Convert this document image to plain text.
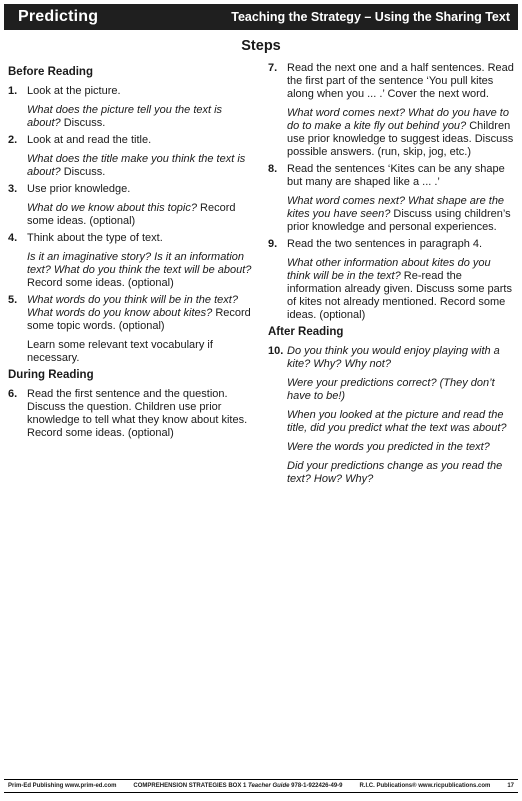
Predicting	Teaching the Strategy – Using the Sharing Text
Steps
Before Reading
1. Look at the picture.

What does the picture tell you the text is about? Discuss.

2. Look at and read the title.

What does the title make you think the text is about? Discuss.

3. Use prior knowledge.

What do we know about this topic? Record some ideas. (optional)

4. Think about the type of text.

Is it an imaginative story? Is it an information text? What do you think the text will be about? Record some ideas. (optional)

5. What words do you think will be in the text? What words do you know about kites? Record some topic words. (optional)

Learn some relevant text vocabulary if necessary.

During Reading
6. Read the first sentence and the question. Discuss the question. Children use prior knowledge to tell what they know about kites. Record some ideas. (optional)

7. Read the next one and a half sentences. Read the first part of the sentence ‘You pull kites along when you ... .’ Cover the next word.

What word comes next? What do you have to do to make a kite fly out behind you? Children use prior knowledge to suggest ideas. Discuss possible answers. (run, skip, jog, etc.)

8. Read the sentences ‘Kites can be any shape but many are shaped like a ... .’

What word comes next? What shape are the kites you have seen? Discuss using children’s prior knowledge and personal experiences.

9. Read the two sentences in paragraph 4.

What other information about kites do you think will be in the text? Re-read the information already given. Discuss some parts of kites not already mentioned. Record some ideas. (optional)

After Reading
10. Do you think you would enjoy playing with a kite? Why? Why not?

Were your predictions correct? (They don’t have to be!)

When you looked at the picture and read the title, did you predict what the text was about?

Were the words you predicted in the text?

Did your predictions change as you read the text? How? Why?

Prim-Ed Publishing www.prim-ed.com	COMPREHENSION STRATEGIES BOX 1 Teacher Guide 978-1-922426-49-9	R.I.C. Publications® www.ricpublications.com	17
